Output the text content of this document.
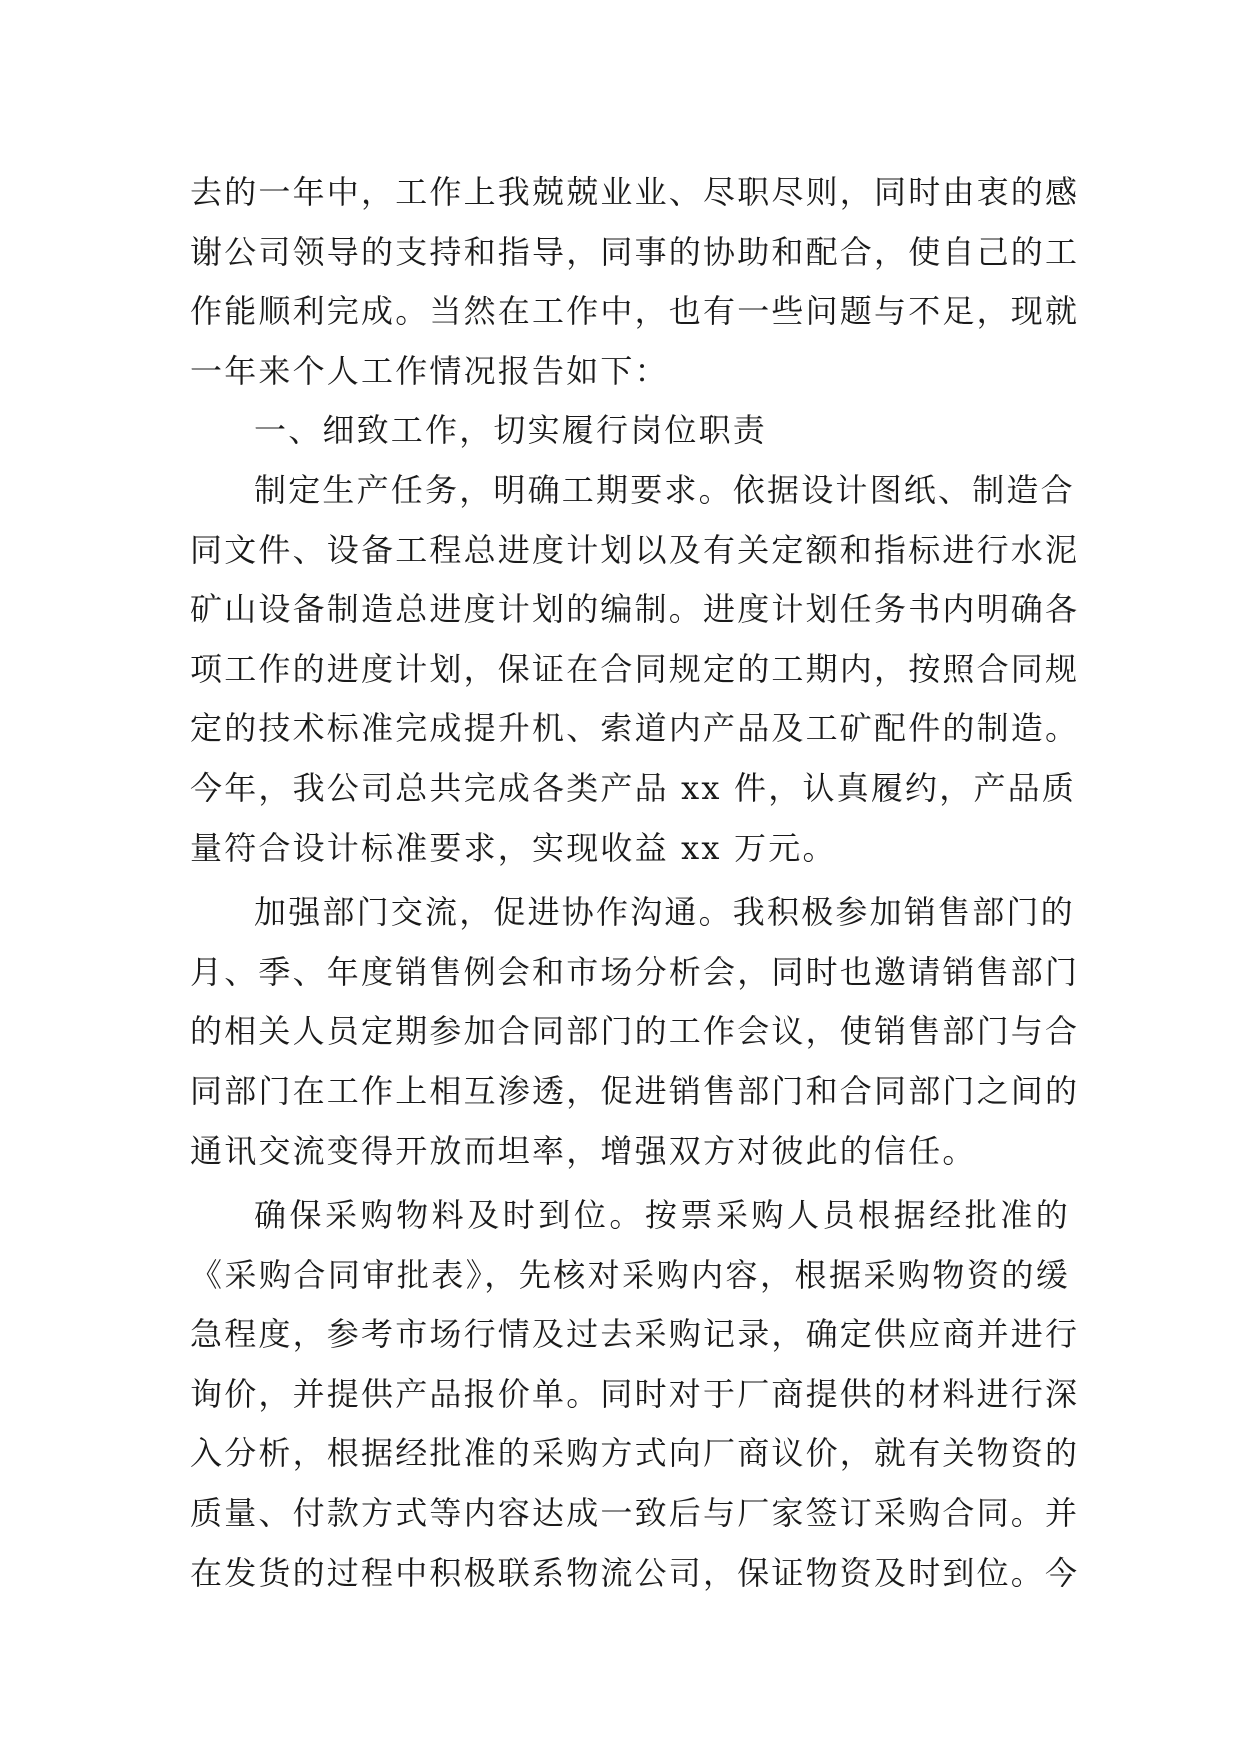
去的一年中，工作上我兢兢业业、尽职尽则，同时由衷的感
谢公司领导的支持和指导，同事的协助和配合，使自己的工
作能顺利完成。当然在工作中，也有一些问题与不足，现就
一年来个人工作情况报告如下：
一、细致工作，切实履行岗位职责
制定生产任务，明确工期要求。依据设计图纸、制造合
同文件、设备工程总进度计划以及有关定额和指标进行水泥
矿山设备制造总进度计划的编制。进度计划任务书内明确各
项工作的进度计划，保证在合同规定的工期内，按照合同规
定的技术标准完成提升机、索道内产品及工矿配件的制造。
今年，我公司总共完成各类产品 xx 件，认真履约，产品质
量符合设计标准要求，实现收益 xx 万元。
加强部门交流，促进协作沟通。我积极参加销售部门的
月、季、年度销售例会和市场分析会，同时也邀请销售部门
的相关人员定期参加合同部门的工作会议，使销售部门与合
同部门在工作上相互渗透，促进销售部门和合同部门之间的
通讯交流变得开放而坦率，增强双方对彼此的信任。
确保采购物料及时到位。按票采购人员根据经批准的
《采购合同审批表》，先核对采购内容，根据采购物资的缓
急程度，参考市场行情及过去采购记录，确定供应商并进行
询价，并提供产品报价单。同时对于厂商提供的材料进行深
入分析，根据经批准的采购方式向厂商议价，就有关物资的
质量、付款方式等内容达成一致后与厂家签订采购合同。并
在发货的过程中积极联系物流公司，保证物资及时到位。今
